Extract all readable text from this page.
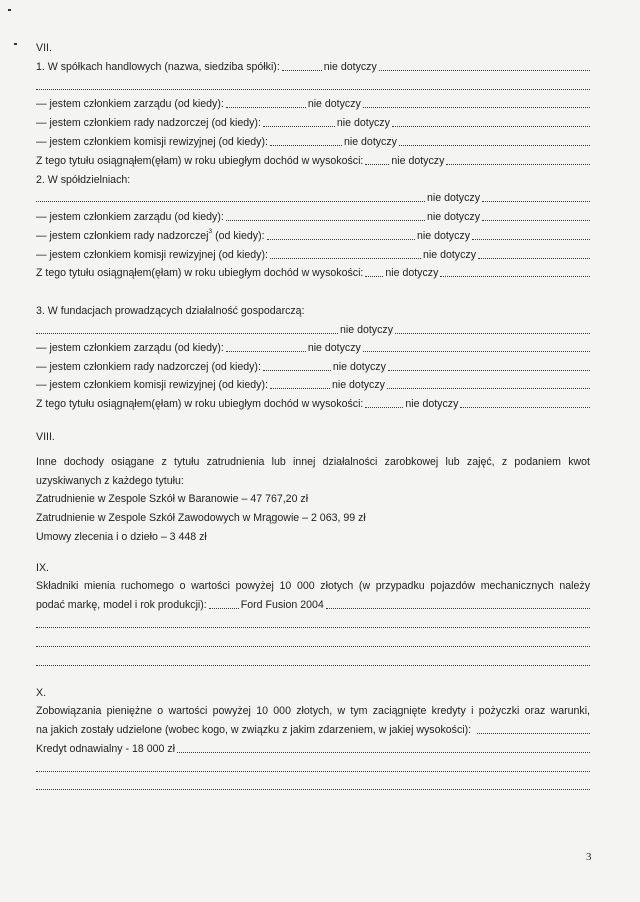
VII.
1. W spółkach handlowych (nazwa, siedziba spółki):	nie dotyczy
— jestem członkiem zarządu (od kiedy):	nie dotyczy
— jestem członkiem rady nadzorczej (od kiedy):	nie dotyczy
— jestem członkiem komisji rewizyjnej (od kiedy):	nie dotyczy
Z tego tytułu osiągnąłem(ęłam) w roku ubiegłym dochód w wysokości:	nie dotyczy
2. W spółdzielniach:
nie dotyczy
— jestem członkiem zarządu (od kiedy):	nie dotyczy
— jestem członkiem rady nadzorczej$^3$ (od kiedy):	nie dotyczy
— jestem członkiem komisji rewizyjnej (od kiedy):	nie dotyczy
Z tego tytułu osiągnąłem(ęłam) w roku ubiegłym dochód w wysokości: nie dotyczy
3. W fundacjach prowadzących działalność gospodarczą:
nie dotyczy
— jestem członkiem zarządu (od kiedy):	nie dotyczy
— jestem członkiem rady nadzorczej (od kiedy):	nie dotyczy
— jestem członkiem komisji rewizyjnej (od kiedy):	nie dotyczy
Z tego tytułu osiągnąłem(ęłam) w roku ubiegłym dochód w wysokości:	nie dotyczy
VIII.
Inne dochody osiągane z tytułu zatrudnienia lub innej działalności zarobkowej lub zajęć, z podaniem kwot
uzyskiwanych z każdego tytułu:
Zatrudnienie w Zespole Szkół w Baranowie – 47 767,20 zł
Zatrudnienie w Zespole Szkół Zawodowych w Mrągowie – 2 063, 99 zł
Umowy zlecenia i o dzieło – 3 448 zł
IX.
Składniki mienia ruchomego o wartości powyżej 10 000 złotych (w przypadku pojazdów mechanicznych należy
podać markę, model i rok produkcji):	Ford Fusion 2004
X.
Zobowiązania pieniężne o wartości powyżej 10 000 złotych, w tym zaciągnięte kredyty i pożyczki oraz warunki,
na jakich zostały udzielone (wobec kogo, w związku z jakim zdarzeniem, w jakiej wysokości):
Kredyt odnawialny - 18 000 zł
3
